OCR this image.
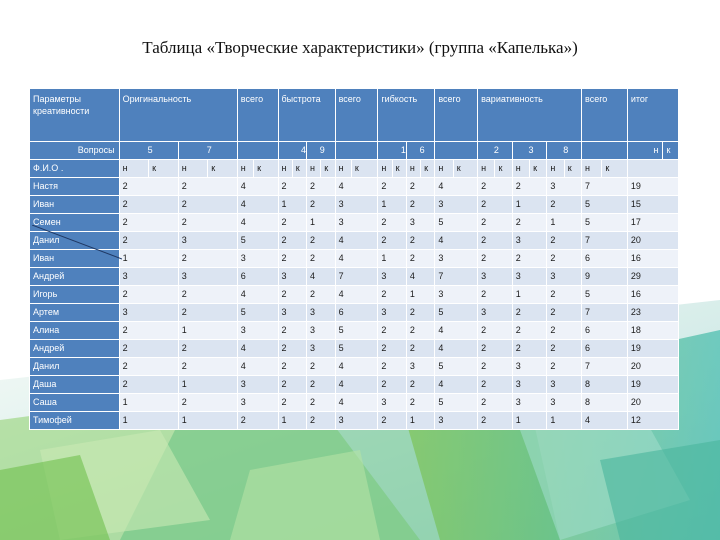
Таблица «Творческие характеристики» (группа «Капелька»)
Параметры креативности	Оригинальность				всего		быстрота				всего		гибкость				всего		вариативность						всего		итог	
Вопросы	5		7				4		9				1		6				2		3		8				н	к
Ф.И.О .	н	к	н	к	н	к	н	к	н	к	н	к	н	к	н	к	н	к	н	к	н	к	н	к	н	к		
Настя	2		2		4		2		2		4		2		2		4		2		2		3		7		19	
Иван	2		2		4		1		2		3		1		2		3		2		1		2		5		15	
Семен	2		2		4		2		1		3		2		3		5		2		2		1		5		17	
Данил	2		3		5		2		2		4		2		2		4		2		3		2		7		20	
Иван	1		2		3		2		2		4		1		2		3		2		2		2		6		16	
Андрей	3		3		6		3		4		7		3		4		7		3		3		3		9		29	
Игорь	2		2		4		2		2		4		2		1		3		2		1		2		5		16	
Артем	3		2		5		3		3		6		3		2		5		3		2		2		7		23	
Алина	2		1		3		2		3		5		2		2		4		2		2		2		6		18	
Андрей	2		2		4		2		3		5		2		2		4		2		2		2		6		19	
Данил	2		2		4		2		2		4		2		3		5		2		3		2		7		20	
Даша	2		1		3		2		2		4		2		2		4		2		3		3		8		19	
Саша	1		2		3		2		2		4		3		2		5		2		3		3		8		20	
Тимофей	1		1		2		1		2		3		2		1		3		2		1		1		4		12	
